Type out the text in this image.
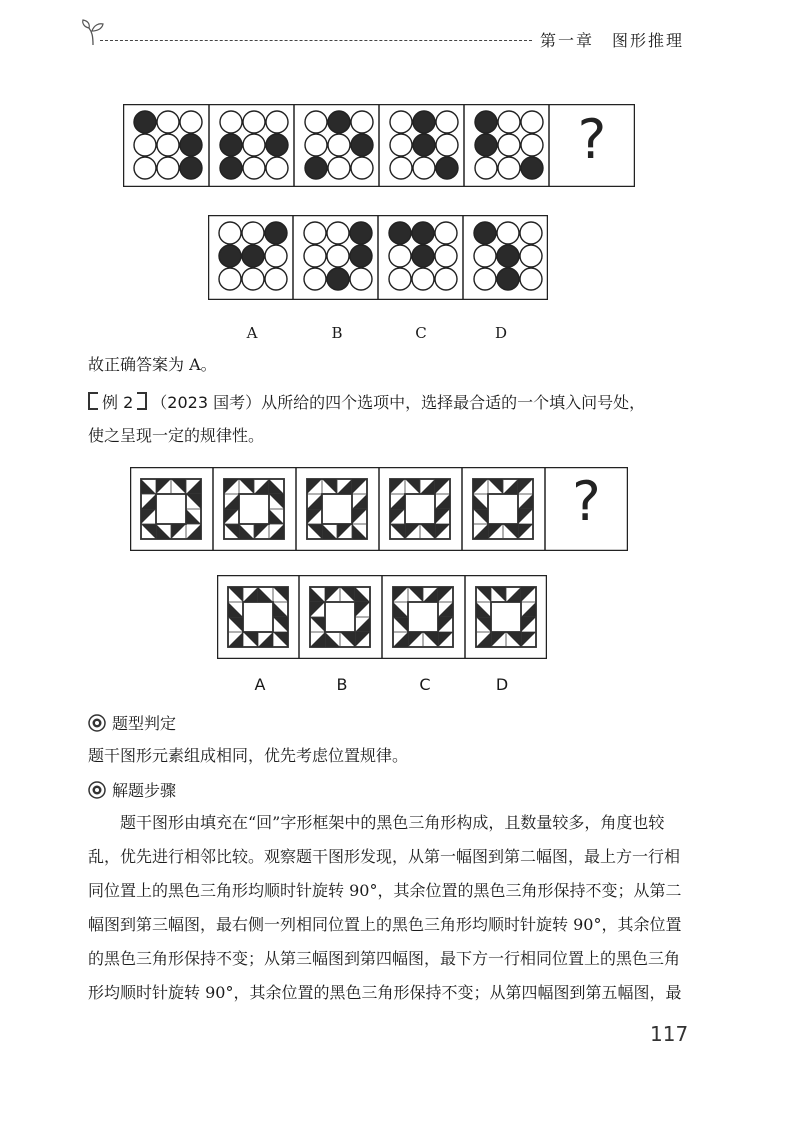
第一章 图形推理
?
A	B	C	D
故正确答案为 A。
例 2 （2023 国考）从所给的四个选项中，选择最合适的一个填入问号处，
使之呈现一定的规律性。
?
A	B	C	D
题型判定
题干图形元素组成相同，优先考虑位置规律。
解题步骤
题干图形由填充在“回”字形框架中的黑色三角形构成，且数量较多，角度也较
乱，优先进行相邻比较。观察题干图形发现，从第一幅图到第二幅图，最上方一行相
同位置上的黑色三角形均顺时针旋转 90°，其余位置的黑色三角形保持不变；从第二
幅图到第三幅图，最右侧一列相同位置上的黑色三角形均顺时针旋转 90°，其余位置
的黑色三角形保持不变；从第三幅图到第四幅图，最下方一行相同位置上的黑色三角
形均顺时针旋转 90°，其余位置的黑色三角形保持不变；从第四幅图到第五幅图，最
117
